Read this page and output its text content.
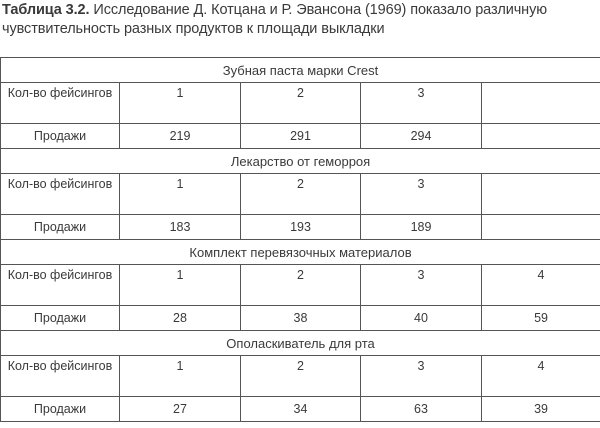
Таблица 3.2. Исследование Д. Котцана и Р. Эвансона (1969) показало различную чувствительность разных продуктов к площади выкладки
Зубная паста марки Crest				
Кол-во фейсингов	1	2	3	
Продажи	219	291	294	
Лекарство от геморроя				
Кол-во фейсингов	1	2	3	
Продажи	183	193	189	
Комплект перевязочных материалов				
Кол-во фейсингов	1	2	3	4
Продажи	28	38	40	59
Ополаскиватель для рта				
Кол-во фейсингов	1	2	3	4
Продажи	27	34	63	39
